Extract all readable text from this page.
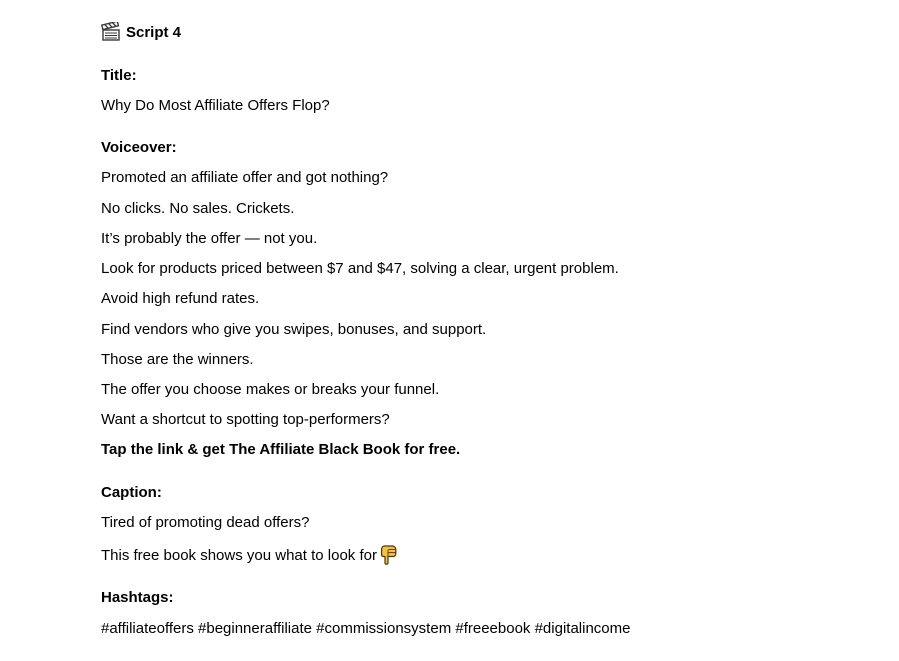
Script 4
Title:
Why Do Most Affiliate Offers Flop?
Voiceover:
Promoted an affiliate offer and got nothing?
No clicks. No sales. Crickets.
It’s probably the offer — not you.
Look for products priced between $7 and $47, solving a clear, urgent problem.
Avoid high refund rates.
Find vendors who give you swipes, bonuses, and support.
Those are the winners.
The offer you choose makes or breaks your funnel.
Want a shortcut to spotting top-performers?
Tap the link & get The Affiliate Black Book for free.
Caption:
Tired of promoting dead offers?
This free book shows you what to look for
Hashtags:
#affiliateoffers #beginneraffiliate #commissionsystem #freeebook #digitalincome
